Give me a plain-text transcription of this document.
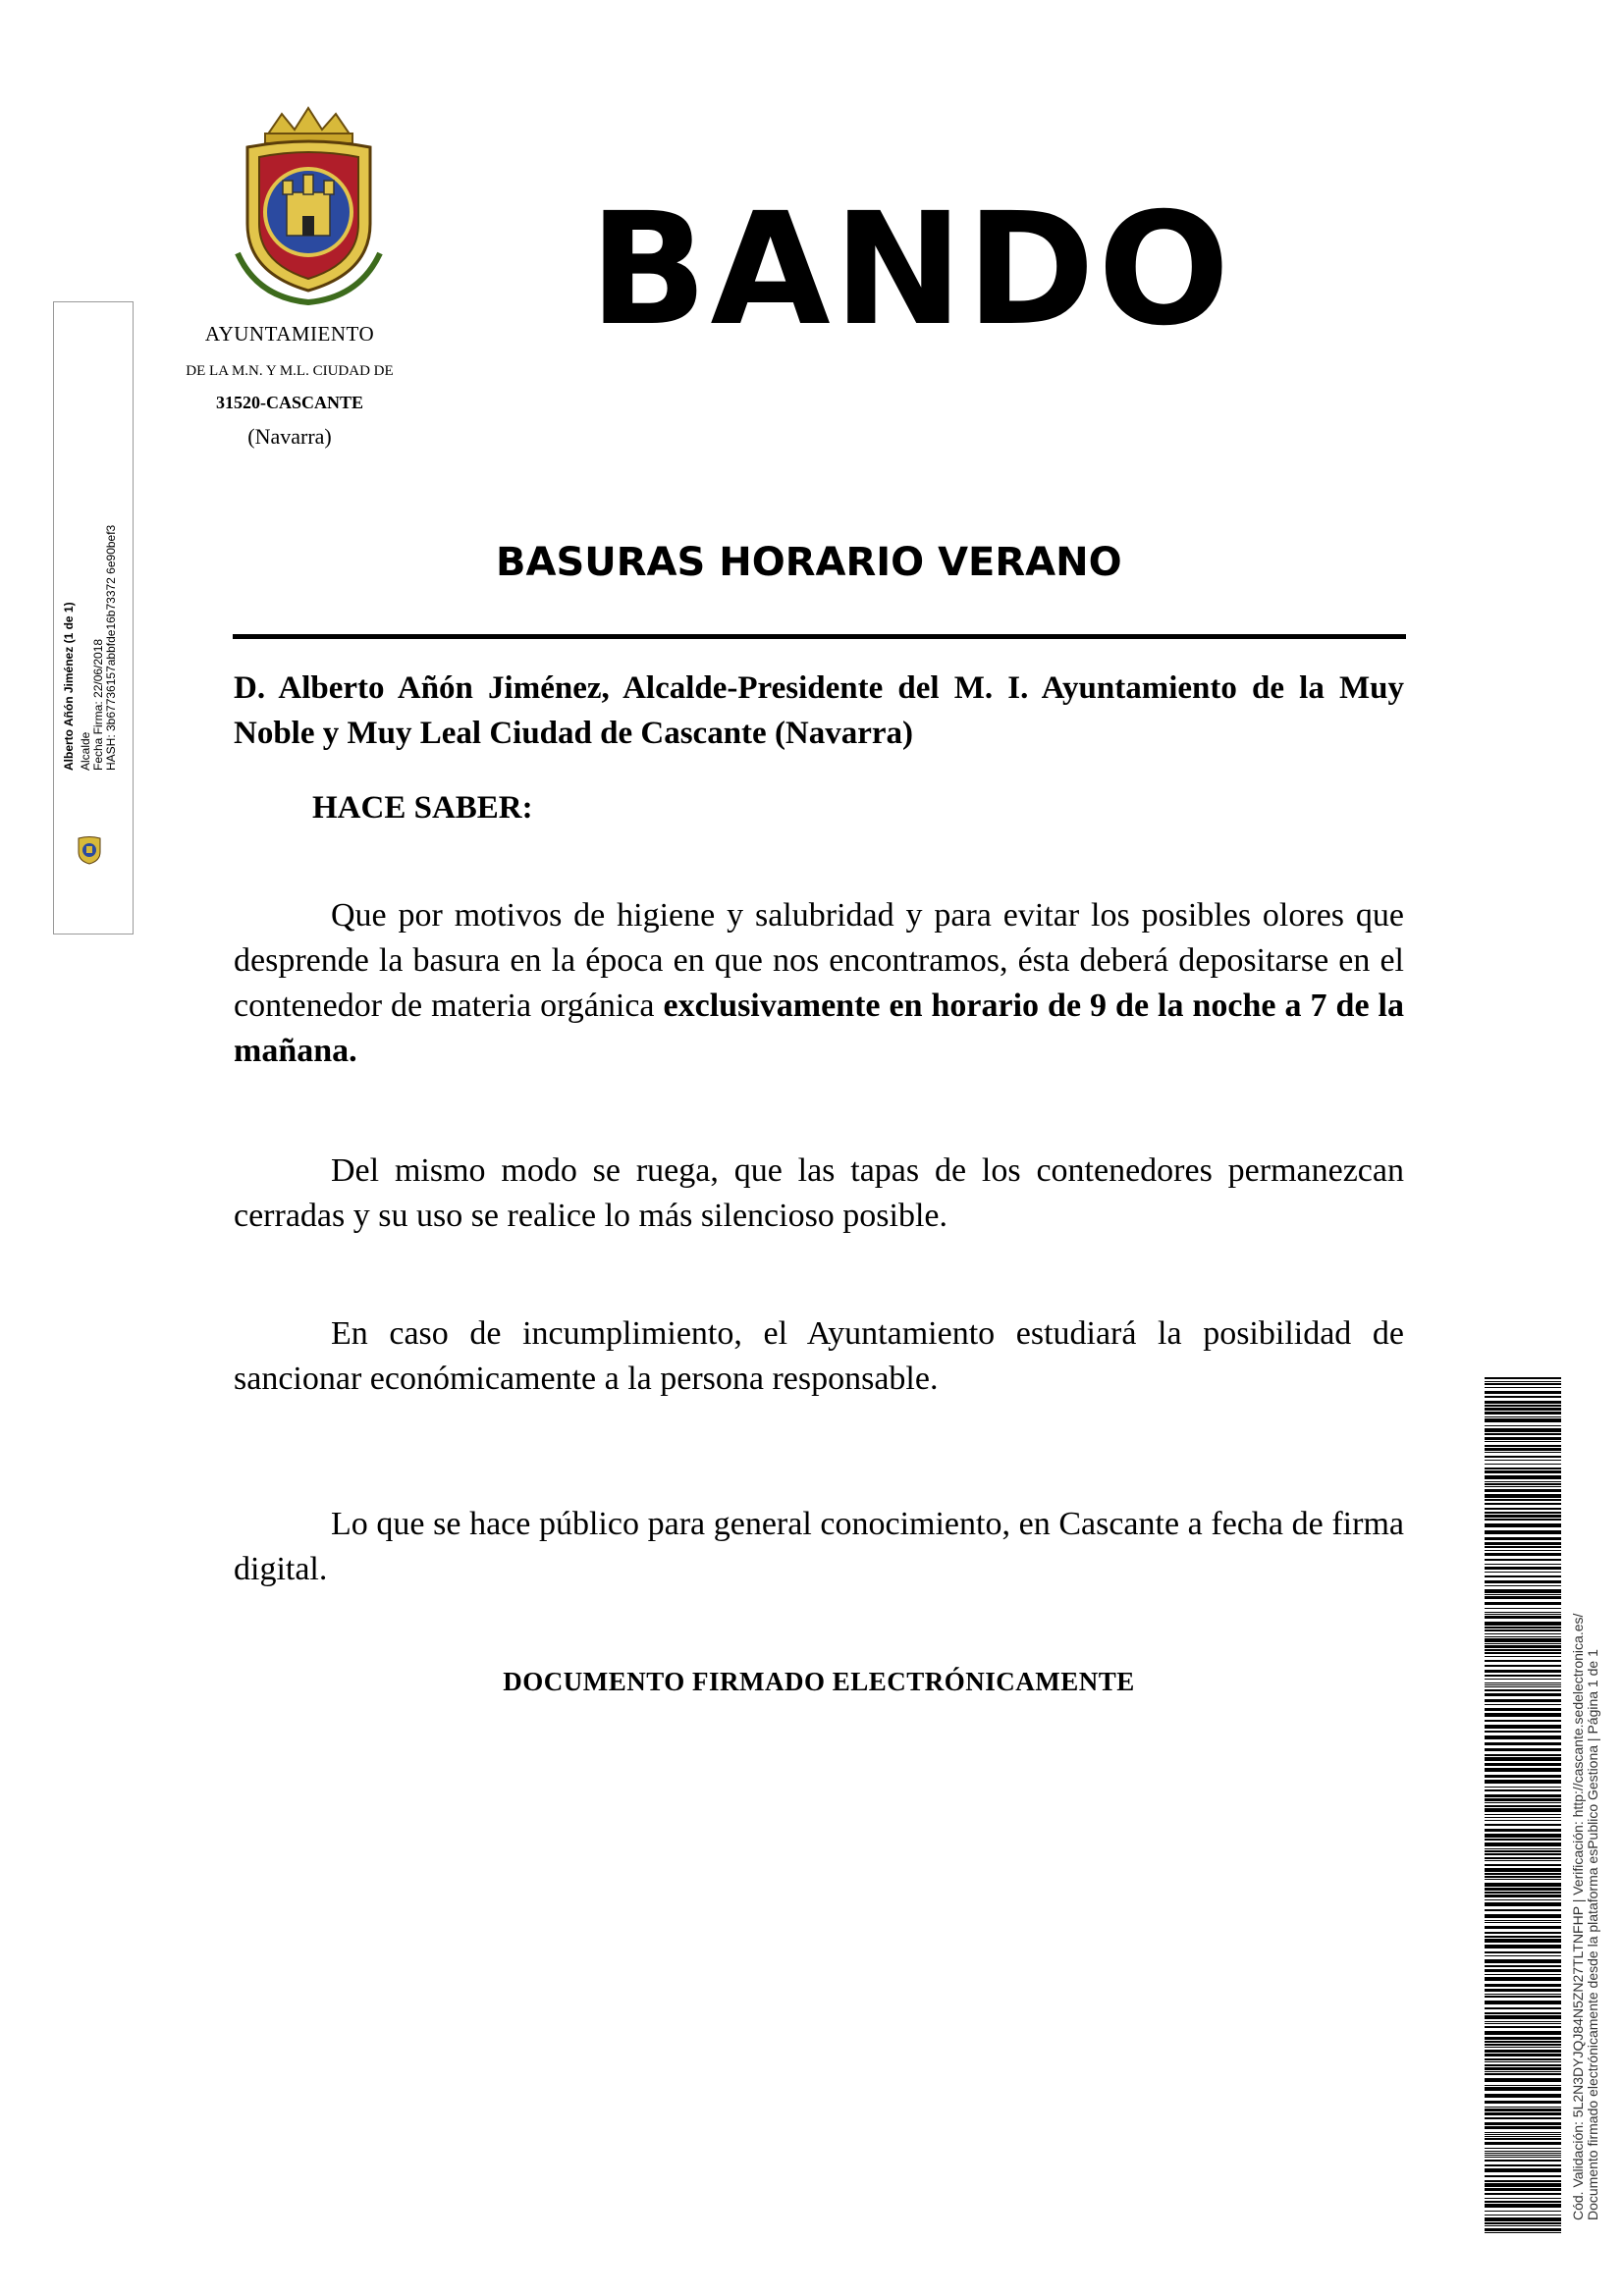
AYUNTAMIENTO
DE LA M.N. Y M.L. CIUDAD DE
31520-CASCANTE
(Navarra)
BANDO
BASURAS HORARIO VERANO
D. Alberto Añón Jiménez, Alcalde-Presidente del M. I. Ayuntamiento de la Muy Noble y Muy Leal Ciudad de Cascante (Navarra)
HACE SABER:
Que por motivos de higiene y salubridad y para evitar los posibles olores que desprende la basura en la época en que nos encontramos, ésta deberá depositarse en el contenedor de materia orgánica exclusivamente en horario de 9 de la noche a 7 de la mañana.
Del mismo modo se ruega, que las tapas de los contenedores permanezcan cerradas y su uso se realice lo más silencioso posible.
En caso de incumplimiento, el Ayuntamiento estudiará la posibilidad de sancionar económicamente a la persona responsable.
Lo que se hace público para general conocimiento, en Cascante a fecha de firma digital.
DOCUMENTO FIRMADO ELECTRÓNICAMENTE
Alberto Añón Jiménez (1 de 1) Alcalde Fecha Firma: 22/06/2018 HASH: 3b67736157abbfde16b73372 6e90bef3
Cód. Validación: 5L2N3DYJQJ84N5ZN27TLTNFHP | Verificación: http://cascante.sedelectronica.es/ Documento firmado electrónicamente desde la plataforma esPublico Gestiona | Página 1 de 1
